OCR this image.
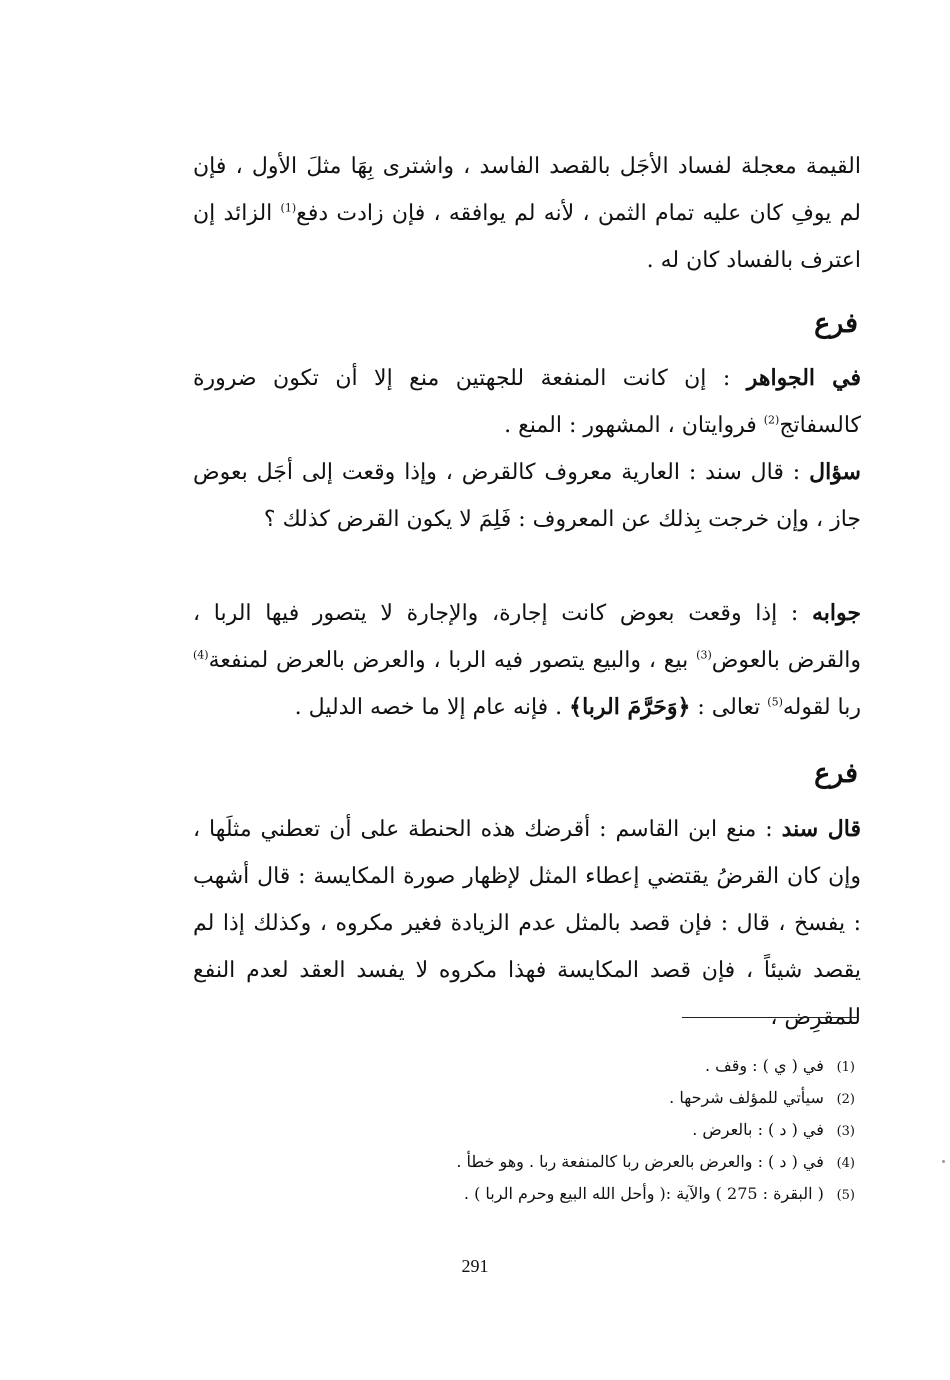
القيمة معجلة لفساد الأجَل بالقصد الفاسد ، واشترى بِهَا مثلَ الأول ، فإن لم يوفِ كان عليه تمام الثمن ، لأنه لم يوافقه ، فإن زادت دفع$^{(1)}$ الزائد إن اعترف بالفساد كان له .

فرع

في الجواهر : إن كانت المنفعة للجهتين منع إلا أن تكون ضرورة كالسفاتج$^{(2)}$ فروايتان ، المشهور : المنع .

سؤال : قال سند : العارية معروف كالقرض ، وإذا وقعت إلى أجَل بعوض جاز ، وإن خرجت بِذلك عن المعروف : فَلِمَ لا يكون القرض كذلك ؟

جوابه : إذا وقعت بعوض كانت إجارة، والإجارة لا يتصور فيها الربا ، والقرض بالعوض$^{(3)}$ بيع ، والبيع يتصور فيه الربا ، والعرض بالعرض لمنفعة$^{(4)}$ ربا لقوله$^{(5)}$ تعالى : ﴿وَحَرَّمَ الربا﴾ . فإنه عام إلا ما خصه الدليل .

فرع

قال سند : منع ابن القاسم : أقرضك هذه الحنطة على أن تعطني مثلَها ، وإن كان القرضُ يقتضي إعطاء المثل لإظهار صورة المكايسة : قال أشهب : يفسخ ، قال : فإن قصد بالمثل عدم الزيادة فغير مكروه ، وكذلك إذا لم يقصد شيئاً ، فإن قصد المكايسة فهذا مكروه لا يفسد العقد لعدم النفع للمقرِض ،

(1) في ( ي ) : وقف .
(2) سيأتي للمؤلف شرحها .
(3) في ( د ) : بالعرض .
(4) في ( د ) : والعرض بالعرض ربا كالمنفعة ربا . وهو خطأ .
(5) ( البقرة : 275 ) والآية :( وأحل الله البيع وحرم الربا ) .
291
